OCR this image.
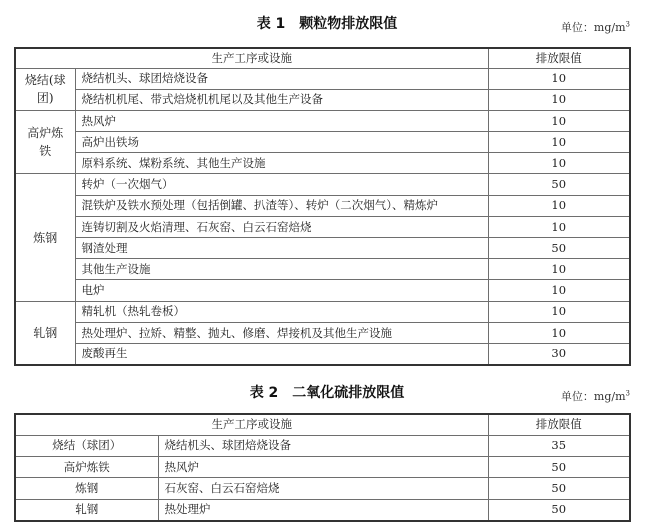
表 1　颗粒物排放限值	单位：$mg/m^3$
生产工序或设施		排放限值
烧结(球团)	烧结机头、球团焙烧设备	10
	烧结机机尾、带式焙烧机机尾以及其他生产设备	10
高炉炼铁	热风炉	10
	高炉出铁场	10
	原料系统、煤粉系统、其他生产设施	10
炼钢	转炉（一次烟气）	50
	混铁炉及铁水预处理（包括倒罐、扒渣等）、转炉（二次烟气）、精炼炉	10
	连铸切割及火焰清理、石灰窑、白云石窑焙烧	10
	钢渣处理	50
	其他生产设施	10
	电炉	10
轧钢	精轧机（热轧卷板）	10
	热处理炉、拉矫、精整、抛丸、修磨、焊接机及其他生产设施	10
	废酸再生	30
表 2　二氧化硫排放限值	单位：$mg/m^3$
生产工序或设施		排放限值
烧结（球团）	烧结机头、球团焙烧设备	35
高炉炼铁	热风炉	50
炼钢	石灰窑、白云石窑焙烧	50
轧钢	热处理炉	50
